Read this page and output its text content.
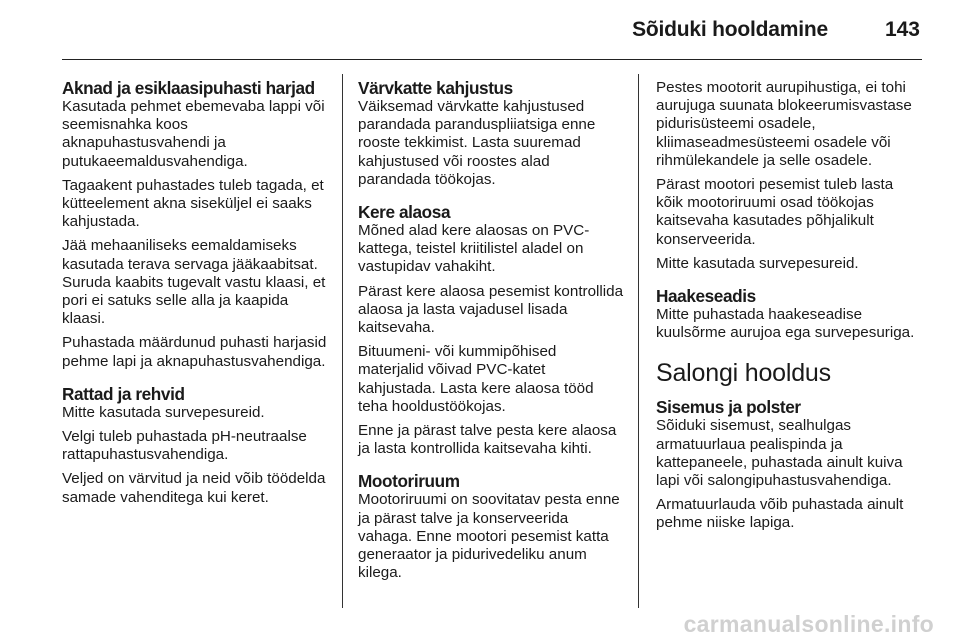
Sõiduki hooldamine	143
Aknad ja esiklaasipuhasti harjad

Kasutada pehmet ebemevaba lappi või seemisnahka koos aknapuhastusvahendi ja putukaeemaldusvahendiga.

Tagaakent puhastades tuleb tagada, et kütteelement akna siseküljel ei saaks kahjustada.

Jää mehaaniliseks eemaldamiseks kasutada terava servaga jääkaabitsat. Suruda kaabits tugevalt vastu klaasi, et pori ei satuks selle alla ja kaapida klaasi.

Puhastada määrdunud puhasti harjasid pehme lapi ja aknapuhastusvahendiga.

Rattad ja rehvid

Mitte kasutada survepesureid.

Velgi tuleb puhastada pH-neutraalse rattapuhastusvahendiga.

Veljed on värvitud ja neid võib töödelda samade vahenditega kui keret.

Värvkatte kahjustus

Väiksemad värvkatte kahjustused parandada paranduspliiatsiga enne rooste tekkimist. Lasta suuremad kahjustused või roostes alad parandada töökojas.

Kere alaosa

Mõned alad kere alaosas on PVC-kattega, teistel kriitilistel aladel on vastupidav vahakiht.

Pärast kere alaosa pesemist kontrollida alaosa ja lasta vajadusel lisada kaitsevaha.

Bituumeni- või kummipõhised materjalid võivad PVC-katet kahjustada. Lasta kere alaosa tööd teha hooldustöökojas.

Enne ja pärast talve pesta kere alaosa ja lasta kontrollida kaitsevaha kihti.

Mootoriruum

Mootoriruumi on soovitatav pesta enne ja pärast talve ja konserveerida vahaga. Enne mootori pesemist katta generaator ja pidurivedeliku anum kilega.

Pestes mootorit aurupihustiga, ei tohi aurujuga suunata blokeerumisvastase pidurisüsteemi osadele, kliimaseadmesüsteemi osadele või rihmülekandele ja selle osadele.

Pärast mootori pesemist tuleb lasta kõik mootoriruumi osad töökojas kaitsevaha kasutades põhjalikult konserveerida.

Mitte kasutada survepesureid.

Haakeseadis

Mitte puhastada haakeseadise kuulsõrme aurujoa ega survepesuriga.

Salongi hooldus
Sisemus ja polster

Sõiduki sisemust, sealhulgas armatuurlaua pealispinda ja kattepaneele, puhastada ainult kuiva lapi või salongipuhastusvahendiga.

Armatuurlauda võib puhastada ainult pehme niiske lapiga.

carmanualsonline.info
